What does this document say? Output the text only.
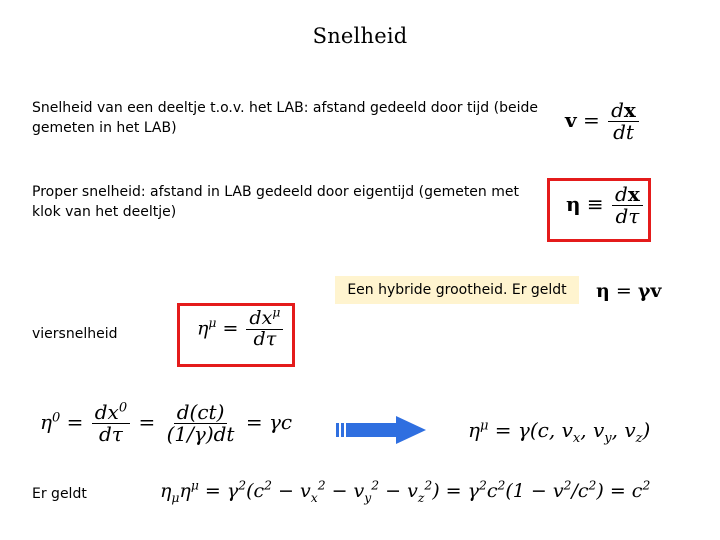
Snelheid
Snelheid van een deeltje t.o.v. het LAB: afstand gedeeld door tijd (beide gemeten in het LAB)	$v = \frac{dx}{dt}$
Proper snelheid: afstand in LAB gedeeld door eigentijd (gemeten met klok van het deeltje)	$\eta \equiv \frac{dx}{d\tau}$
Een hybride grootheid. Er geldt	η = γv
viersnelheid	$\eta^\mu = \frac{dx^\mu}{d\tau}$
$\eta^0 = \frac{dx^0}{d\tau} = \frac{d(ct)}{(1/\gamma)dt} = \gamma c$	$\eta^\mu = \gamma(c$, $v_x$, $v_y$, $v_z$)
Er geldt	$\eta_\mu\eta^\mu = \gamma^2(c^2 - v_x^2 - v_y^2 - v_z^2) = \gamma^2c^2(1 - v^2/c^2) = c^2$
